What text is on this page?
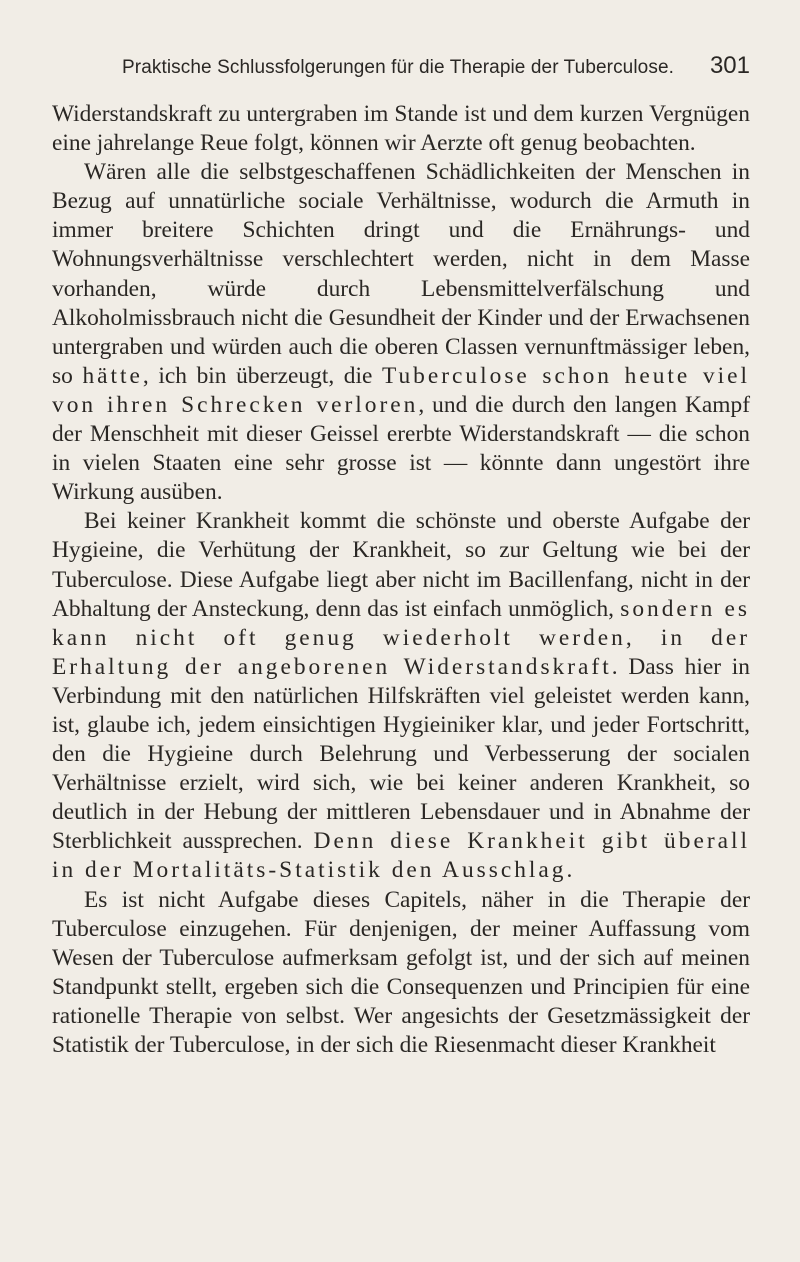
Praktische Schlussfolgerungen für die Therapie der Tuberculose. 301

Widerstandskraft zu untergraben im Stande ist und dem kurzen Vergnügen eine jahrelange Reue folgt, können wir Aerzte oft genug beobachten.

Wären alle die selbstgeschaffenen Schädlichkeiten der Menschen in Bezug auf unnatürliche sociale Verhältnisse, wodurch die Armuth in immer breitere Schichten dringt und die Ernährungs- und Wohnungsverhältnisse verschlechtert werden, nicht in dem Masse vorhanden, würde durch Lebensmittelverfälschung und Alkoholmissbrauch nicht die Gesundheit der Kinder und der Erwachsenen untergraben und würden auch die oberen Classen vernunftmässiger leben, so hätte, ich bin überzeugt, die Tuberculose schon heute viel von ihren Schrecken verloren, und die durch den langen Kampf der Menschheit mit dieser Geissel ererbte Widerstandskraft — die schon in vielen Staaten eine sehr grosse ist — könnte dann ungestört ihre Wirkung ausüben.

Bei keiner Krankheit kommt die schönste und oberste Aufgabe der Hygieine, die Verhütung der Krankheit, so zur Geltung wie bei der Tuberculose. Diese Aufgabe liegt aber nicht im Bacillenfang, nicht in der Abhaltung der Ansteckung, denn das ist einfach unmöglich, sondern es kann nicht oft genug wiederholt werden, in der Erhaltung der angeborenen Widerstandskraft. Dass hier in Verbindung mit den natürlichen Hilfskräften viel geleistet werden kann, ist, glaube ich, jedem einsichtigen Hygieiniker klar, und jeder Fortschritt, den die Hygieine durch Belehrung und Verbesserung der socialen Verhältnisse erzielt, wird sich, wie bei keiner anderen Krankheit, so deutlich in der Hebung der mittleren Lebensdauer und in Abnahme der Sterblichkeit aussprechen. Denn diese Krankheit gibt überall in der Mortalitäts-Statistik den Ausschlag.

Es ist nicht Aufgabe dieses Capitels, näher in die Therapie der Tuberculose einzugehen. Für denjenigen, der meiner Auffassung vom Wesen der Tuberculose aufmerksam gefolgt ist, und der sich auf meinen Standpunkt stellt, ergeben sich die Consequenzen und Principien für eine rationelle Therapie von selbst. Wer angesichts der Gesetzmässigkeit der Statistik der Tuberculose, in der sich die Riesenmacht dieser Krankheit
